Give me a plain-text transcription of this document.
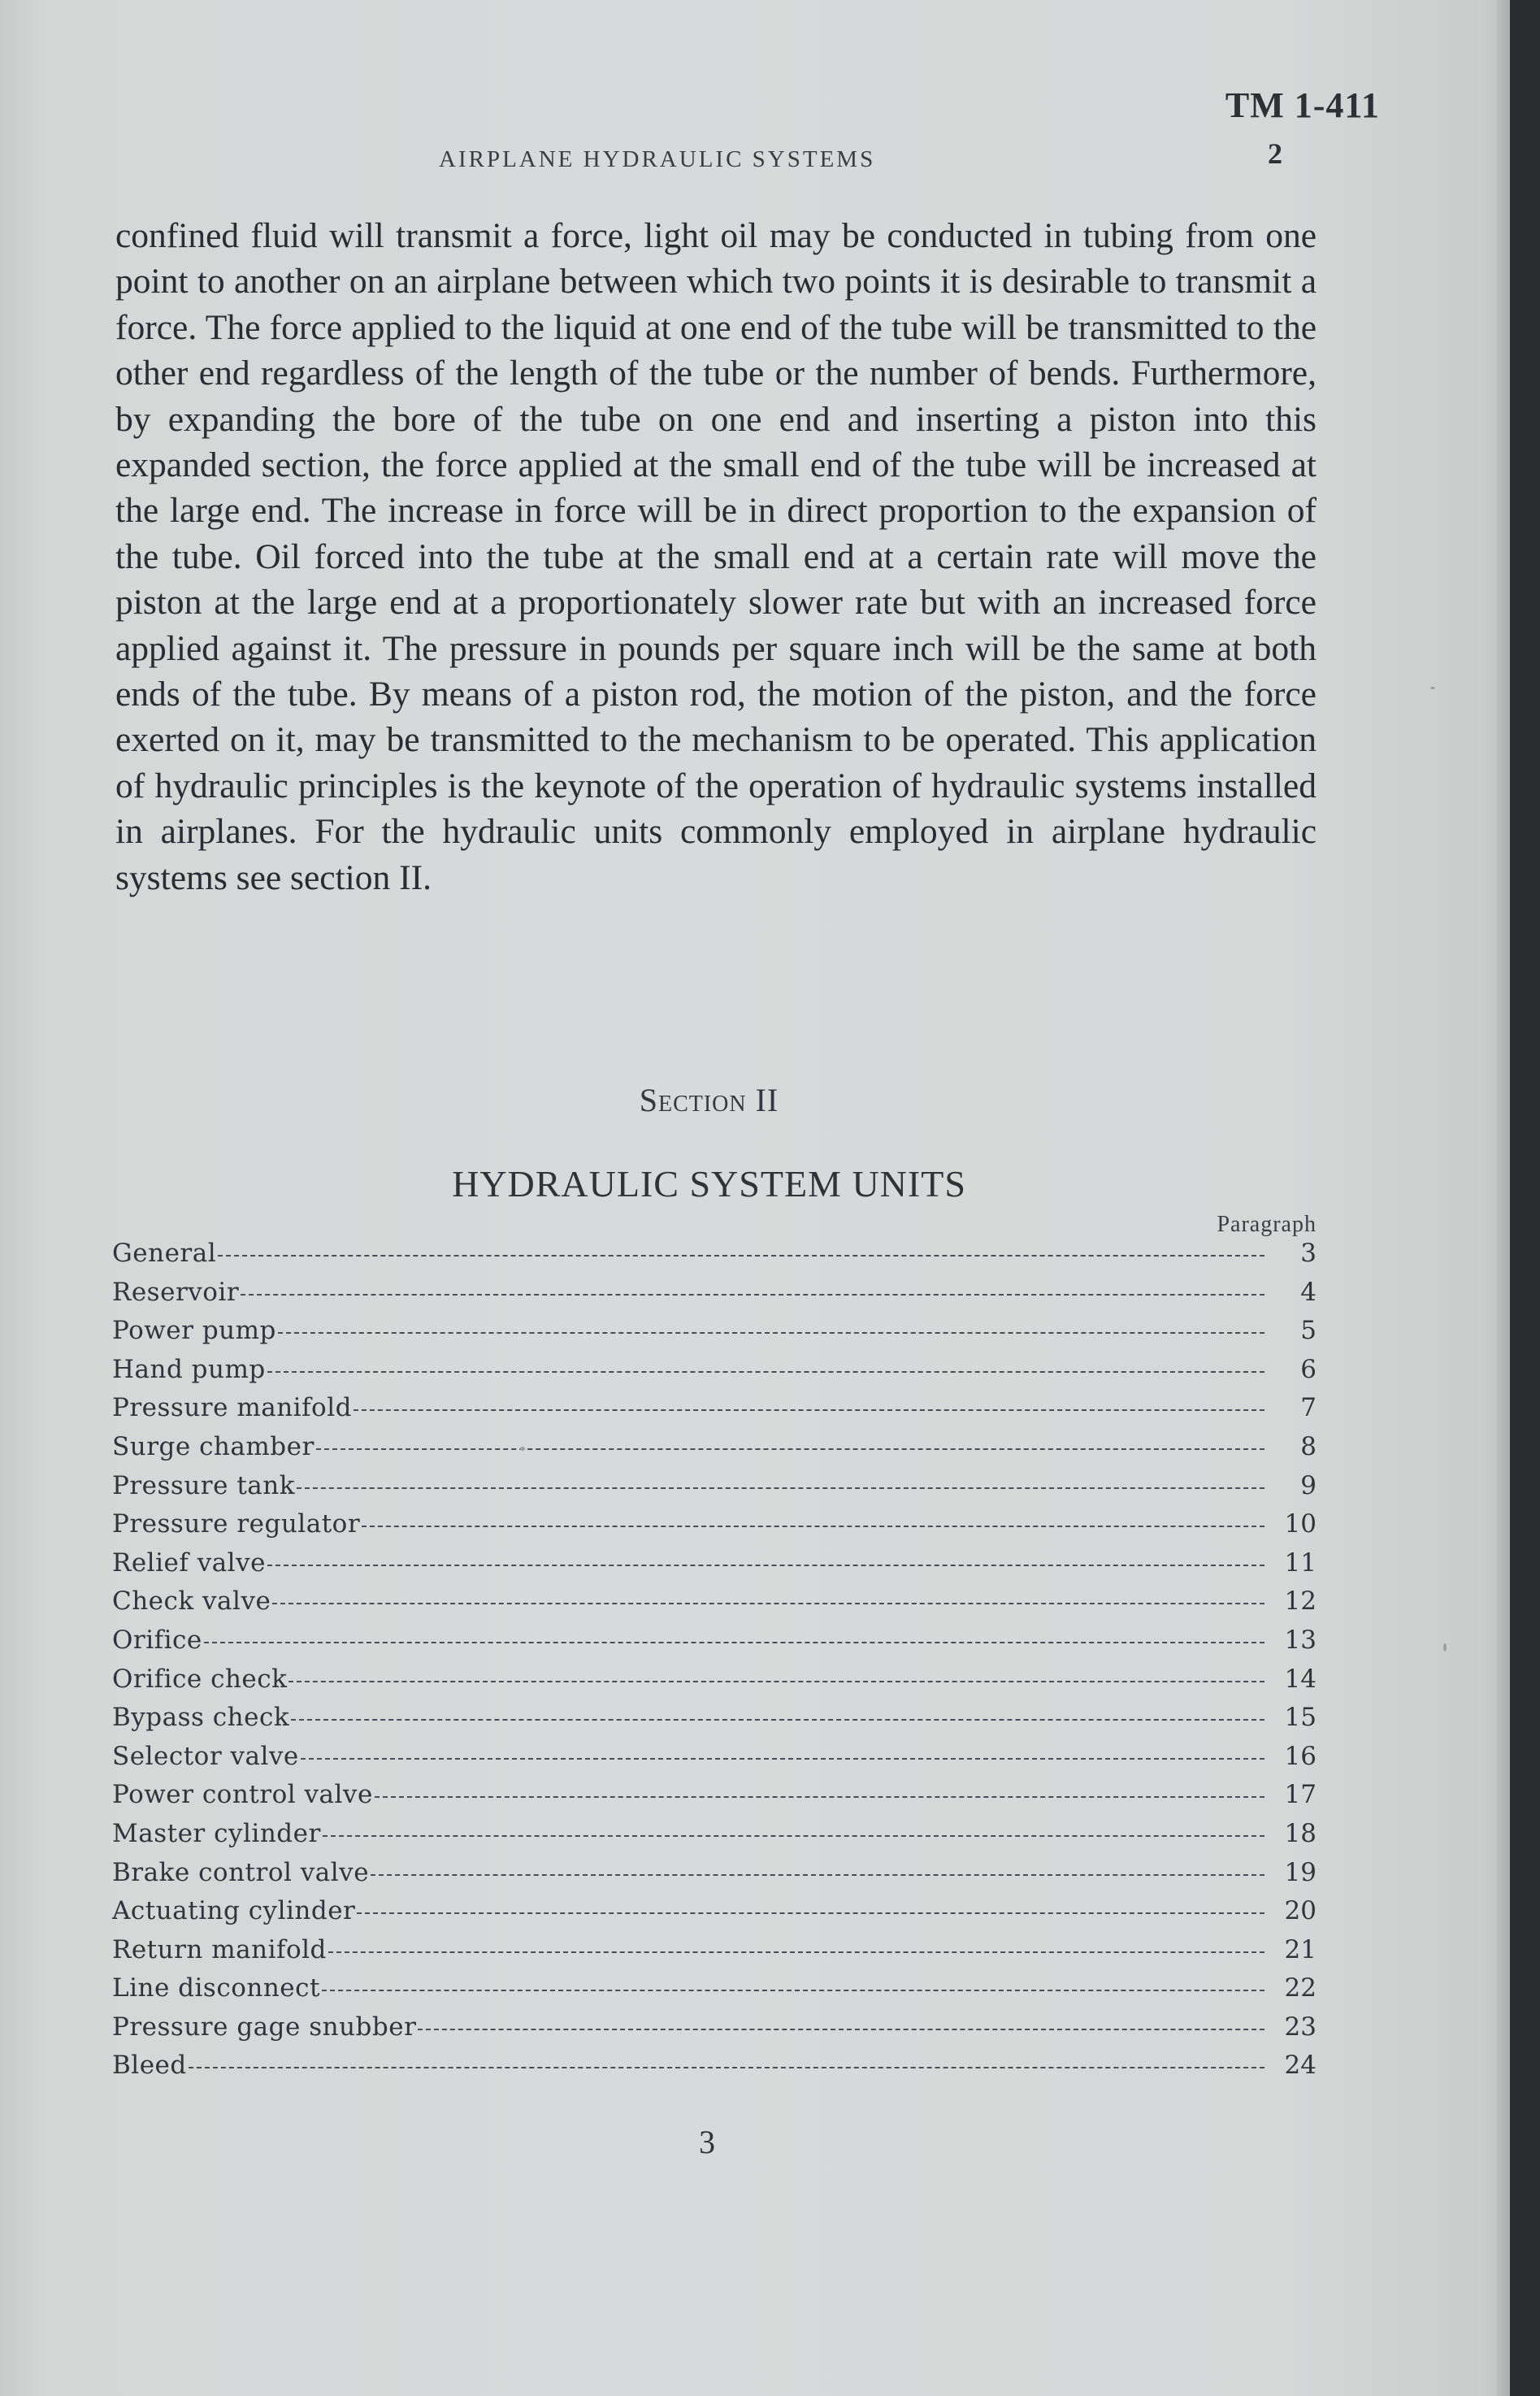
TM 1-411
AIRPLANE HYDRAULIC SYSTEMS	2
confined fluid will transmit a force, light oil may be conducted in tubing from one point to another on an airplane between which two points it is desirable to transmit a force. The force applied to the liquid at one end of the tube will be transmitted to the other end regardless of the length of the tube or the number of bends. Furthermore, by expanding the bore of the tube on one end and inserting a piston into this expanded section, the force applied at the small end of the tube will be increased at the large end. The increase in force will be in direct proportion to the expansion of the tube. Oil forced into the tube at the small end at a certain rate will move the piston at the large end at a proportionately slower rate but with an increased force applied against it. The pressure in pounds per square inch will be the same at both ends of the tube. By means of a piston rod, the motion of the piston, and the force exerted on it, may be transmitted to the mechanism to be operated. This application of hydraulic principles is the keynote of the operation of hydraulic systems installed in airplanes. For the hydraulic units commonly employed in airplane hydraulic systems see section II.
Section II
HYDRAULIC SYSTEM UNITS
Paragraph
General	3
Reservoir	4
Power pump	5
Hand pump	6
Pressure manifold	7
Surge chamber	8
Pressure tank	9
Pressure regulator	10
Relief valve	11
Check valve	12
Orifice	13
Orifice check	14
Bypass check	15
Selector valve	16
Power control valve	17
Master cylinder	18
Brake control valve	19
Actuating cylinder	20
Return manifold	21
Line disconnect	22
Pressure gage snubber	23
Bleed	24
3
